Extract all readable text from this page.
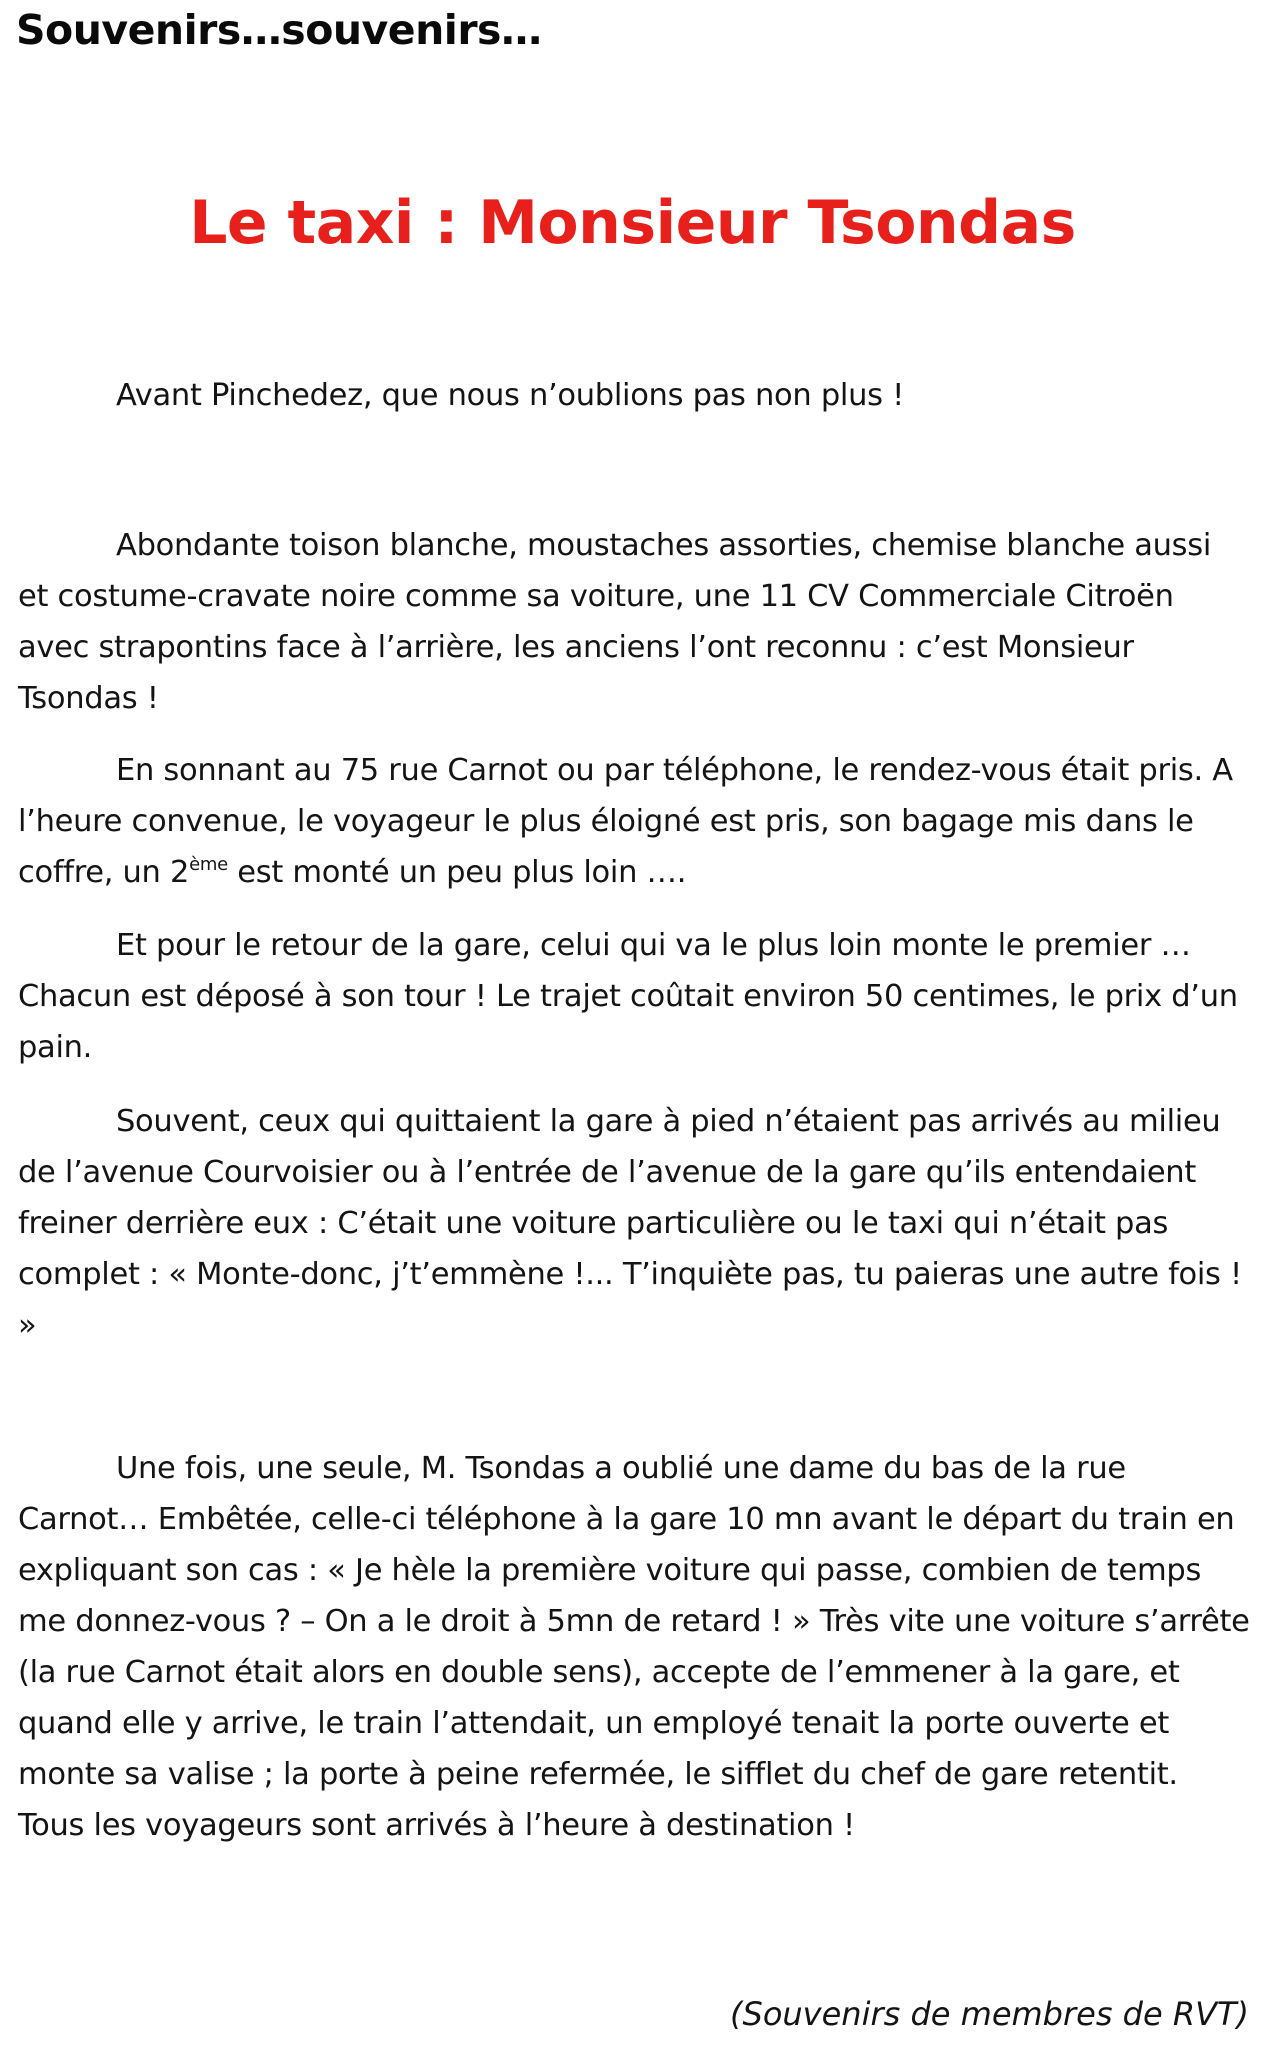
Souvenirs…souvenirs…
Le taxi : Monsieur Tsondas

Avant Pinchedez, que nous n’oublions pas non plus !

Abondante toison blanche, moustaches assorties, chemise blanche aussi et costume-cravate noire comme sa voiture, une 11 CV Commerciale Citroën avec strapontins face à l’arrière, les anciens l’ont reconnu : c’est Monsieur Tsondas !

En sonnant au 75 rue Carnot ou par téléphone, le rendez-vous était pris. A l’heure convenue, le voyageur le plus éloigné est pris, son bagage mis dans le coffre, un 2ème est monté un peu plus loin ….

Et pour le retour de la gare, celui qui va le plus loin monte le premier … Chacun est déposé à son tour ! Le trajet coûtait environ 50 centimes, le prix d’un pain.

Souvent, ceux qui quittaient la gare à pied n’étaient pas arrivés au milieu de l’avenue Courvoisier ou à l’entrée de l’avenue de la gare qu’ils entendaient freiner derrière eux : C’était une voiture particulière ou le taxi qui n’était pas complet : « Monte-donc, j’t’emmène !... T’inquiète pas, tu paieras une autre fois ! »

Une fois, une seule, M. Tsondas a oublié une dame du bas de la rue Carnot… Embêtée, celle-ci téléphone à la gare 10 mn avant le départ du train en expliquant son cas : « Je hèle la première voiture qui passe, combien de temps me donnez-vous ? – On a le droit à 5mn de retard ! » Très vite une voiture s’arrête (la rue Carnot était alors en double sens), accepte de l’emmener à la gare, et quand elle y arrive, le train l’attendait, un employé tenait la porte ouverte et monte sa valise ; la porte à peine refermée, le sifflet du chef de gare retentit. Tous les voyageurs sont arrivés à l’heure à destination !

(Souvenirs de membres de RVT)
